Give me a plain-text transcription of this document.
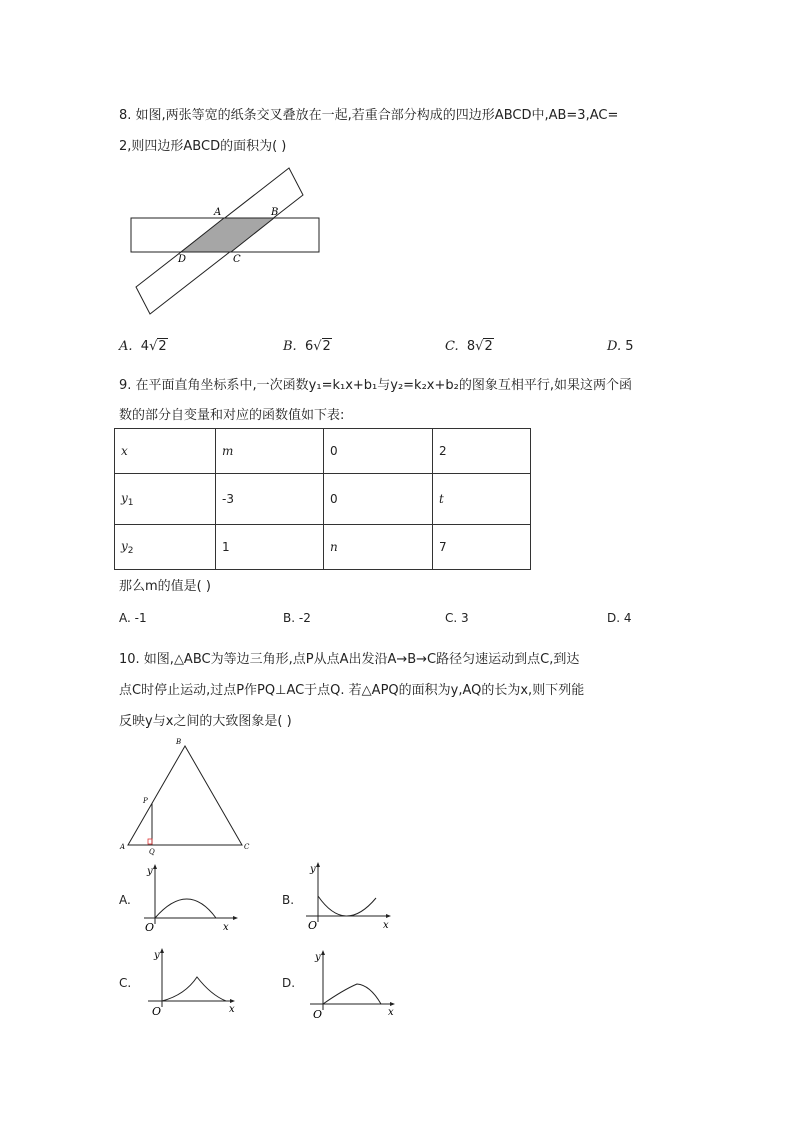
8. 如图,两张等宽的纸条交叉叠放在一起,若重合部分构成的四边形ABCD中,AB=3,AC=
2,则四边形ABCD的面积为( )
A	B
D	C
B
P
A
Q
C
y
x
O
y
x
O
y
x
O
y
x
O
A. 4√2	B. 6√2	C. 8√2	D. 5
9. 在平面直角坐标系中,一次函数y₁=k₁x+b₁与y₂=k₂x+b₂的图象互相平行,如果这两个函
数的部分自变量和对应的函数值如下表:
x	m	0	2
$y_1$	-3	0	t
$y_2$	1	n	7
那么m的值是( )
A. -1	B. -2	C. 3	D. 4
10. 如图,△ABC为等边三角形,点P从点A出发沿A→B→C路径匀速运动到点C,到达
点C时停止运动,过点P作PQ⊥AC于点Q. 若△APQ的面积为y,AQ的长为x,则下列能
反映y与x之间的大致图象是( )
A.	B.
C.	D.
